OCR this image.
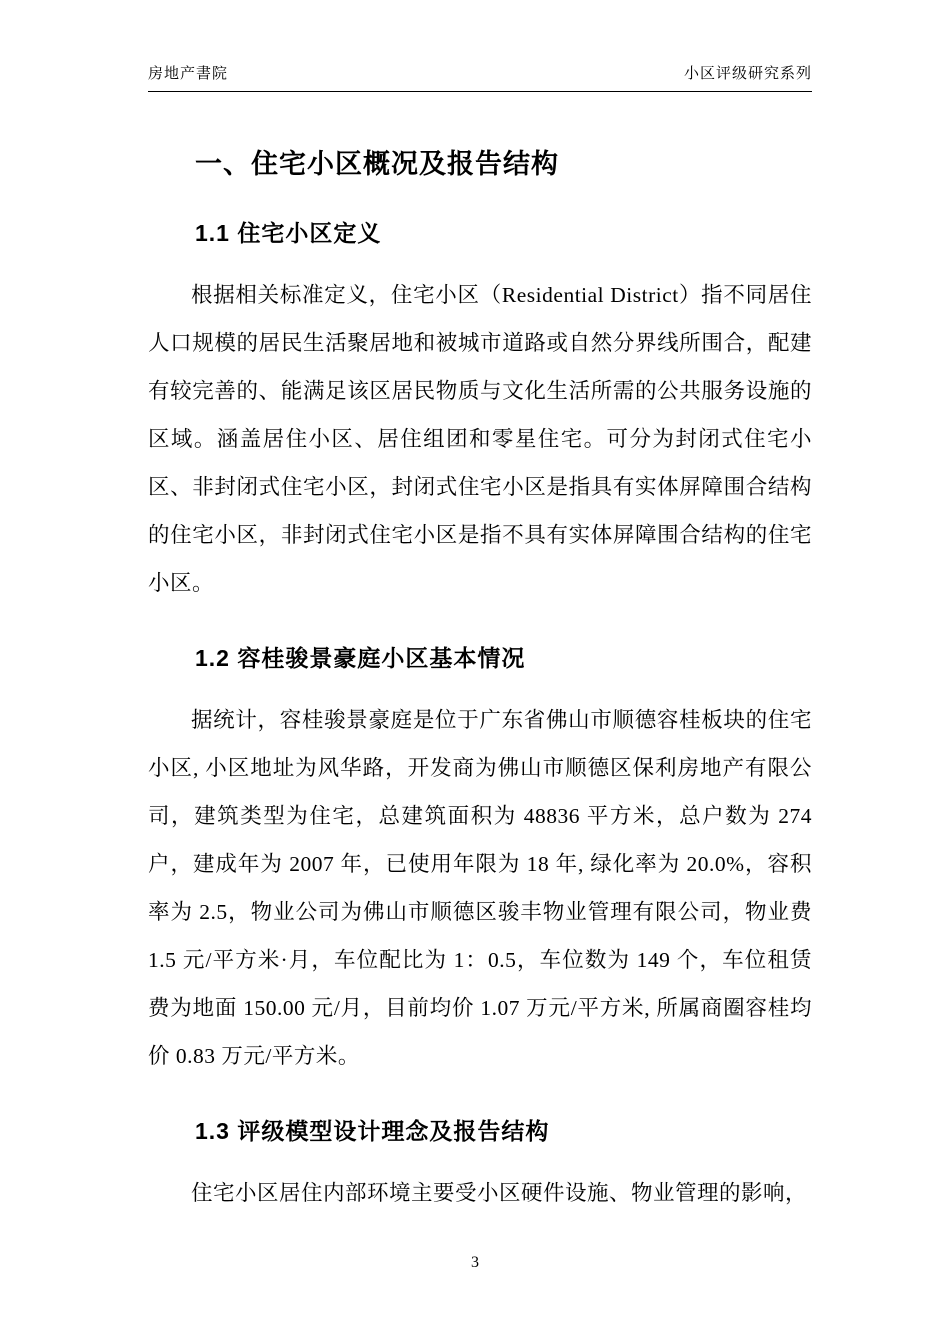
房地产書院	小区评级研究系列
一、住宅小区概况及报告结构
1.1 住宅小区定义

根据相关标准定义，住宅小区（Residential District）指不同居住人口规模的居民生活聚居地和被城市道路或自然分界线所围合，配建有较完善的、能满足该区居民物质与文化生活所需的公共服务设施的区域。涵盖居住小区、居住组团和零星住宅。可分为封闭式住宅小区、非封闭式住宅小区，封闭式住宅小区是指具有实体屏障围合结构的住宅小区，非封闭式住宅小区是指不具有实体屏障围合结构的住宅小区。

1.2 容桂骏景豪庭小区基本情况

据统计，容桂骏景豪庭是位于广东省佛山市顺德容桂板块的住宅小区, 小区地址为风华路，开发商为佛山市顺德区保利房地产有限公司，建筑类型为住宅，总建筑面积为 48836 平方米，总户数为 274 户，建成年为 2007 年，已使用年限为 18 年, 绿化率为 20.0%，容积率为 2.5，物业公司为佛山市顺德区骏丰物业管理有限公司，物业费 1.5 元/平方米·月，车位配比为 1：0.5，车位数为 149 个，车位租赁费为地面 150.00 元/月，目前均价 1.07 万元/平方米, 所属商圈容桂均价 0.83 万元/平方米。

1.3 评级模型设计理念及报告结构

住宅小区居住内部环境主要受小区硬件设施、物业管理的影响，

3
